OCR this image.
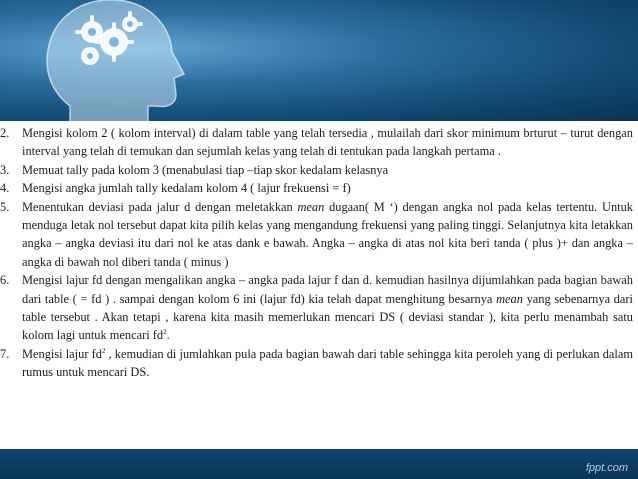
2. Mengisi kolom 2 ( kolom interval) di dalam table yang telah tersedia , mulailah dari skor minimum brturut – turut dengan interval yang telah di temukan dan sejumlah kelas yang telah di tentukan pada langkah pertama .
3. Memuat tally pada kolom 3 (menabulasi tiap –tiap skor kedalam kelasnya
4. Mengisi angka jumlah tally kedalam kolom 4 ( lajur frekuensi = f)
5. Menentukan deviasi pada jalur d dengan meletakkan mean dugaan( M ‘) dengan angka nol pada kelas tertentu. Untuk menduga letak nol tersebut dapat kita pilih kelas yang mengandung frekuensi yang paling tinggi. Selanjutnya kita letakkan angka – angka deviasi itu dari nol ke atas dank e bawah. Angka – angka di atas nol kita beri tanda ( plus )+ dan angka – angka di bawah nol diberi tanda ( minus )
6. Mengisi lajur fd dengan mengalikan angka – angka pada lajur f dan d. kemudian hasilnya dijumlahkan pada bagian bawah dari table ( = fd ) . sampai dengan kolom 6 ini (lajur fd) kia telah dapat menghitung besarnya mean yang sebenarnya dari table tersebut . Akan tetapi , karena kita masih memerlukan mencari DS ( deviasi standar ), kita perlu menambah satu kolom lagi untuk mencari $fd^2$.
7. Mengisi lajur $fd^2$ , kemudian di jumlahkan pula pada bagian bawah dari table sehingga kita peroleh yang di perlukan dalam rumus untuk mencari DS.
fppt.com
